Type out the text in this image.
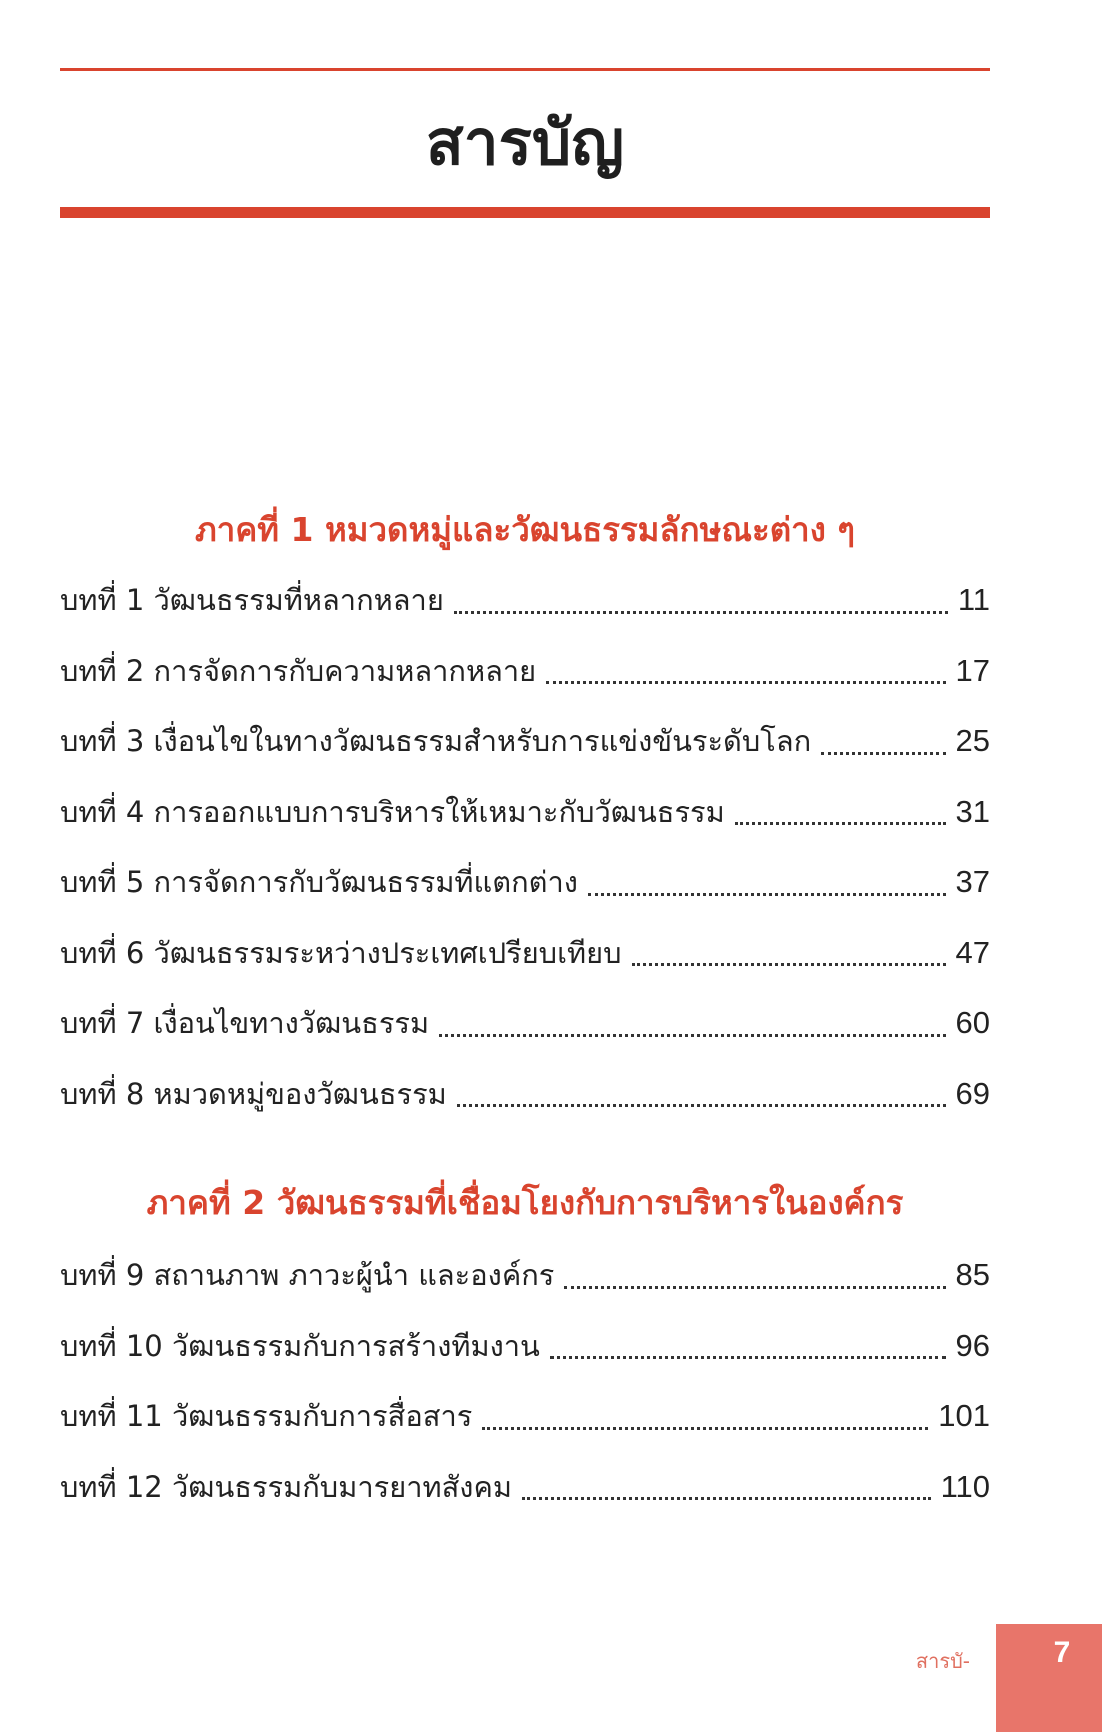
สารบัญ
ภาคที่ 1 หมวดหมู่และวัฒนธรรมลักษณะต่าง ๆ
บทที่ 1 วัฒนธรรมที่หลากหลาย	11
บทที่ 2 การจัดการกับความหลากหลาย	17
บทที่ 3 เงื่อนไขในทางวัฒนธรรมสำหรับการแข่งขันระดับโลก	25
บทที่ 4 การออกแบบการบริหารให้เหมาะกับวัฒนธรรม	31
บทที่ 5 การจัดการกับวัฒนธรรมที่แตกต่าง	37
บทที่ 6 วัฒนธรรมระหว่างประเทศเปรียบเทียบ	47
บทที่ 7 เงื่อนไขทางวัฒนธรรม	60
บทที่ 8 หมวดหมู่ของวัฒนธรรม	69
ภาคที่ 2 วัฒนธรรมที่เชื่อมโยงกับการบริหารในองค์กร
บทที่ 9 สถานภาพ ภาวะผู้นำ และองค์กร	85
บทที่ 10 วัฒนธรรมกับการสร้างทีมงาน	96
บทที่ 11 วัฒนธรรมกับการสื่อสาร	101
บทที่ 12 วัฒนธรรมกับมารยาทสังคม	110
สารบั-	7
